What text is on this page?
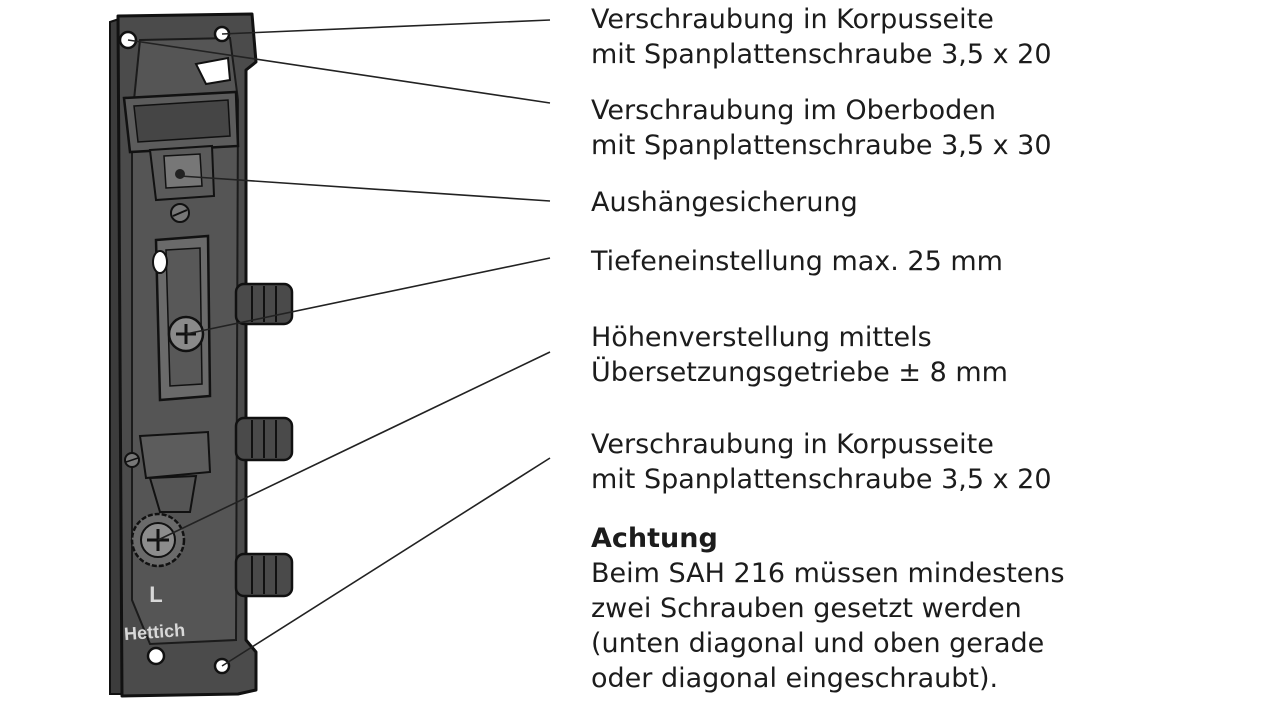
L
Hettich
Verschraubung in Korpusseite
mit Spanplattenschraube 3,5 x 20
Verschraubung im Oberboden
mit Spanplattenschraube 3,5 x 30
Aushängesicherung
Tiefeneinstellung max. 25 mm
Höhenverstellung mittels
Übersetzungsgetriebe ± 8 mm
Verschraubung in Korpusseite
mit Spanplattenschraube 3,5 x 20
Achtung
Beim SAH 216 müssen mindestens
zwei Schrauben gesetzt werden
(unten diagonal und oben gerade
oder diagonal eingeschraubt).
